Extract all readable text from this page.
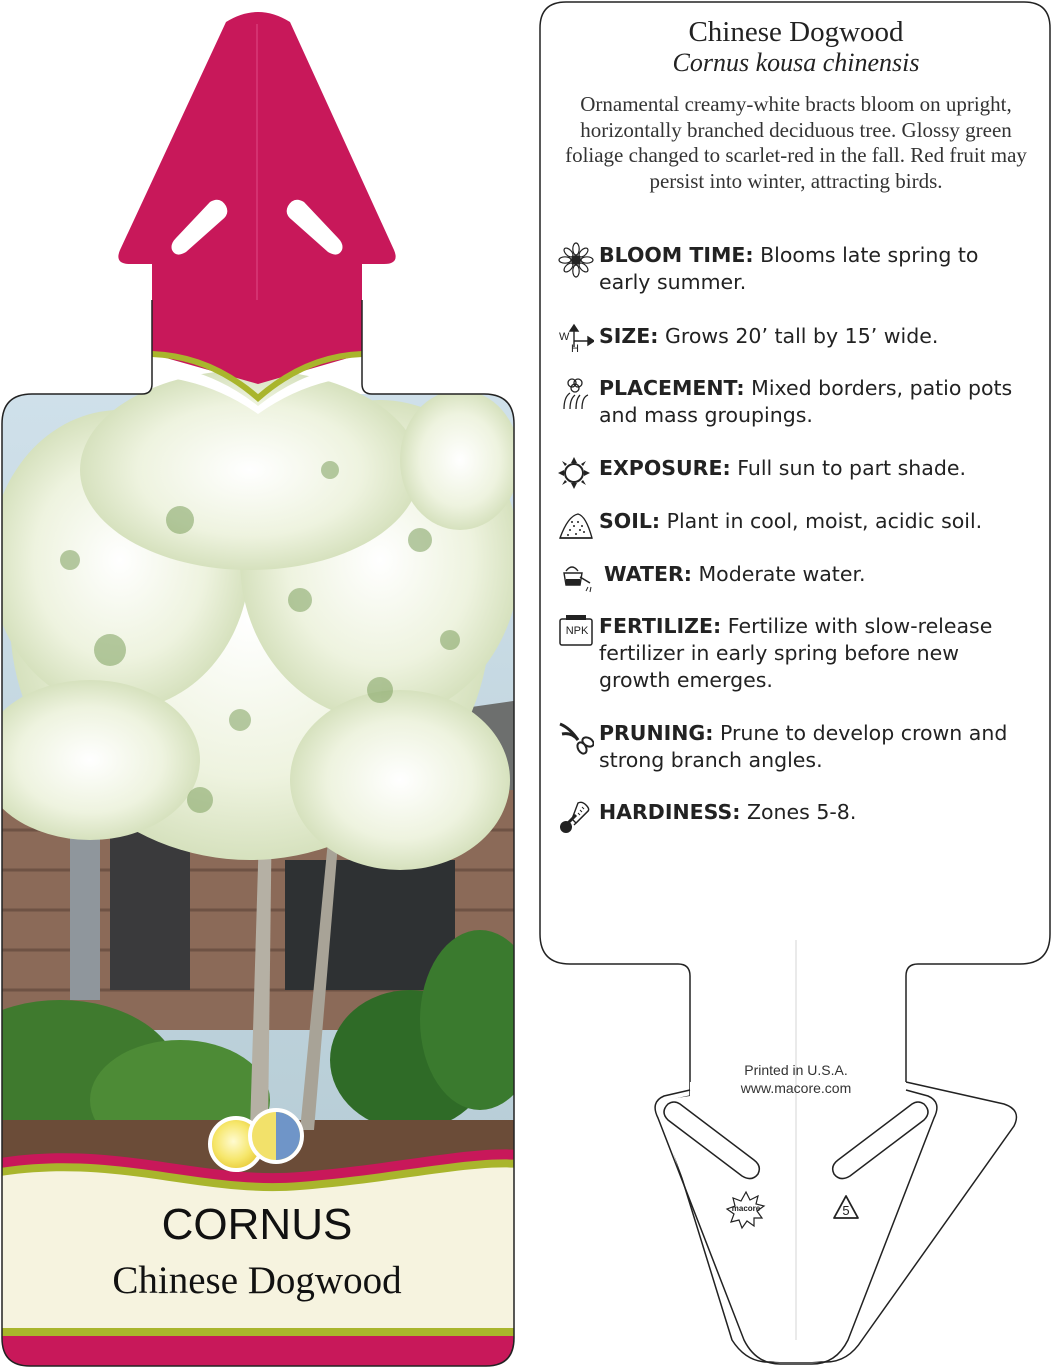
CORNUS
Chinese Dogwood
macore	5
Chinese Dogwood
Cornus kousa chinensis
Ornamental creamy-white bracts bloom on upright, horizontally branched deciduous tree. Glossy green foliage changed to scarlet-red in the fall. Red fruit may persist into winter, attracting birds.
BLOOM TIME: Blooms late spring to early summer.
W
H
SIZE: Grows 20’ tall by 15’ wide.
PLACEMENT: Mixed borders, patio pots and mass groupings.
EXPOSURE: Full sun to part shade.
SOIL: Plant in cool, moist, acidic soil.
WATER: Moderate water.
NPK FERTILIZE: Fertilize with slow-release fertilizer in early spring before new growth emerges.
PRUNING: Prune to develop crown and strong branch angles.
HARDINESS: Zones 5-8.
Printed in U.S.A.
www.macore.com
